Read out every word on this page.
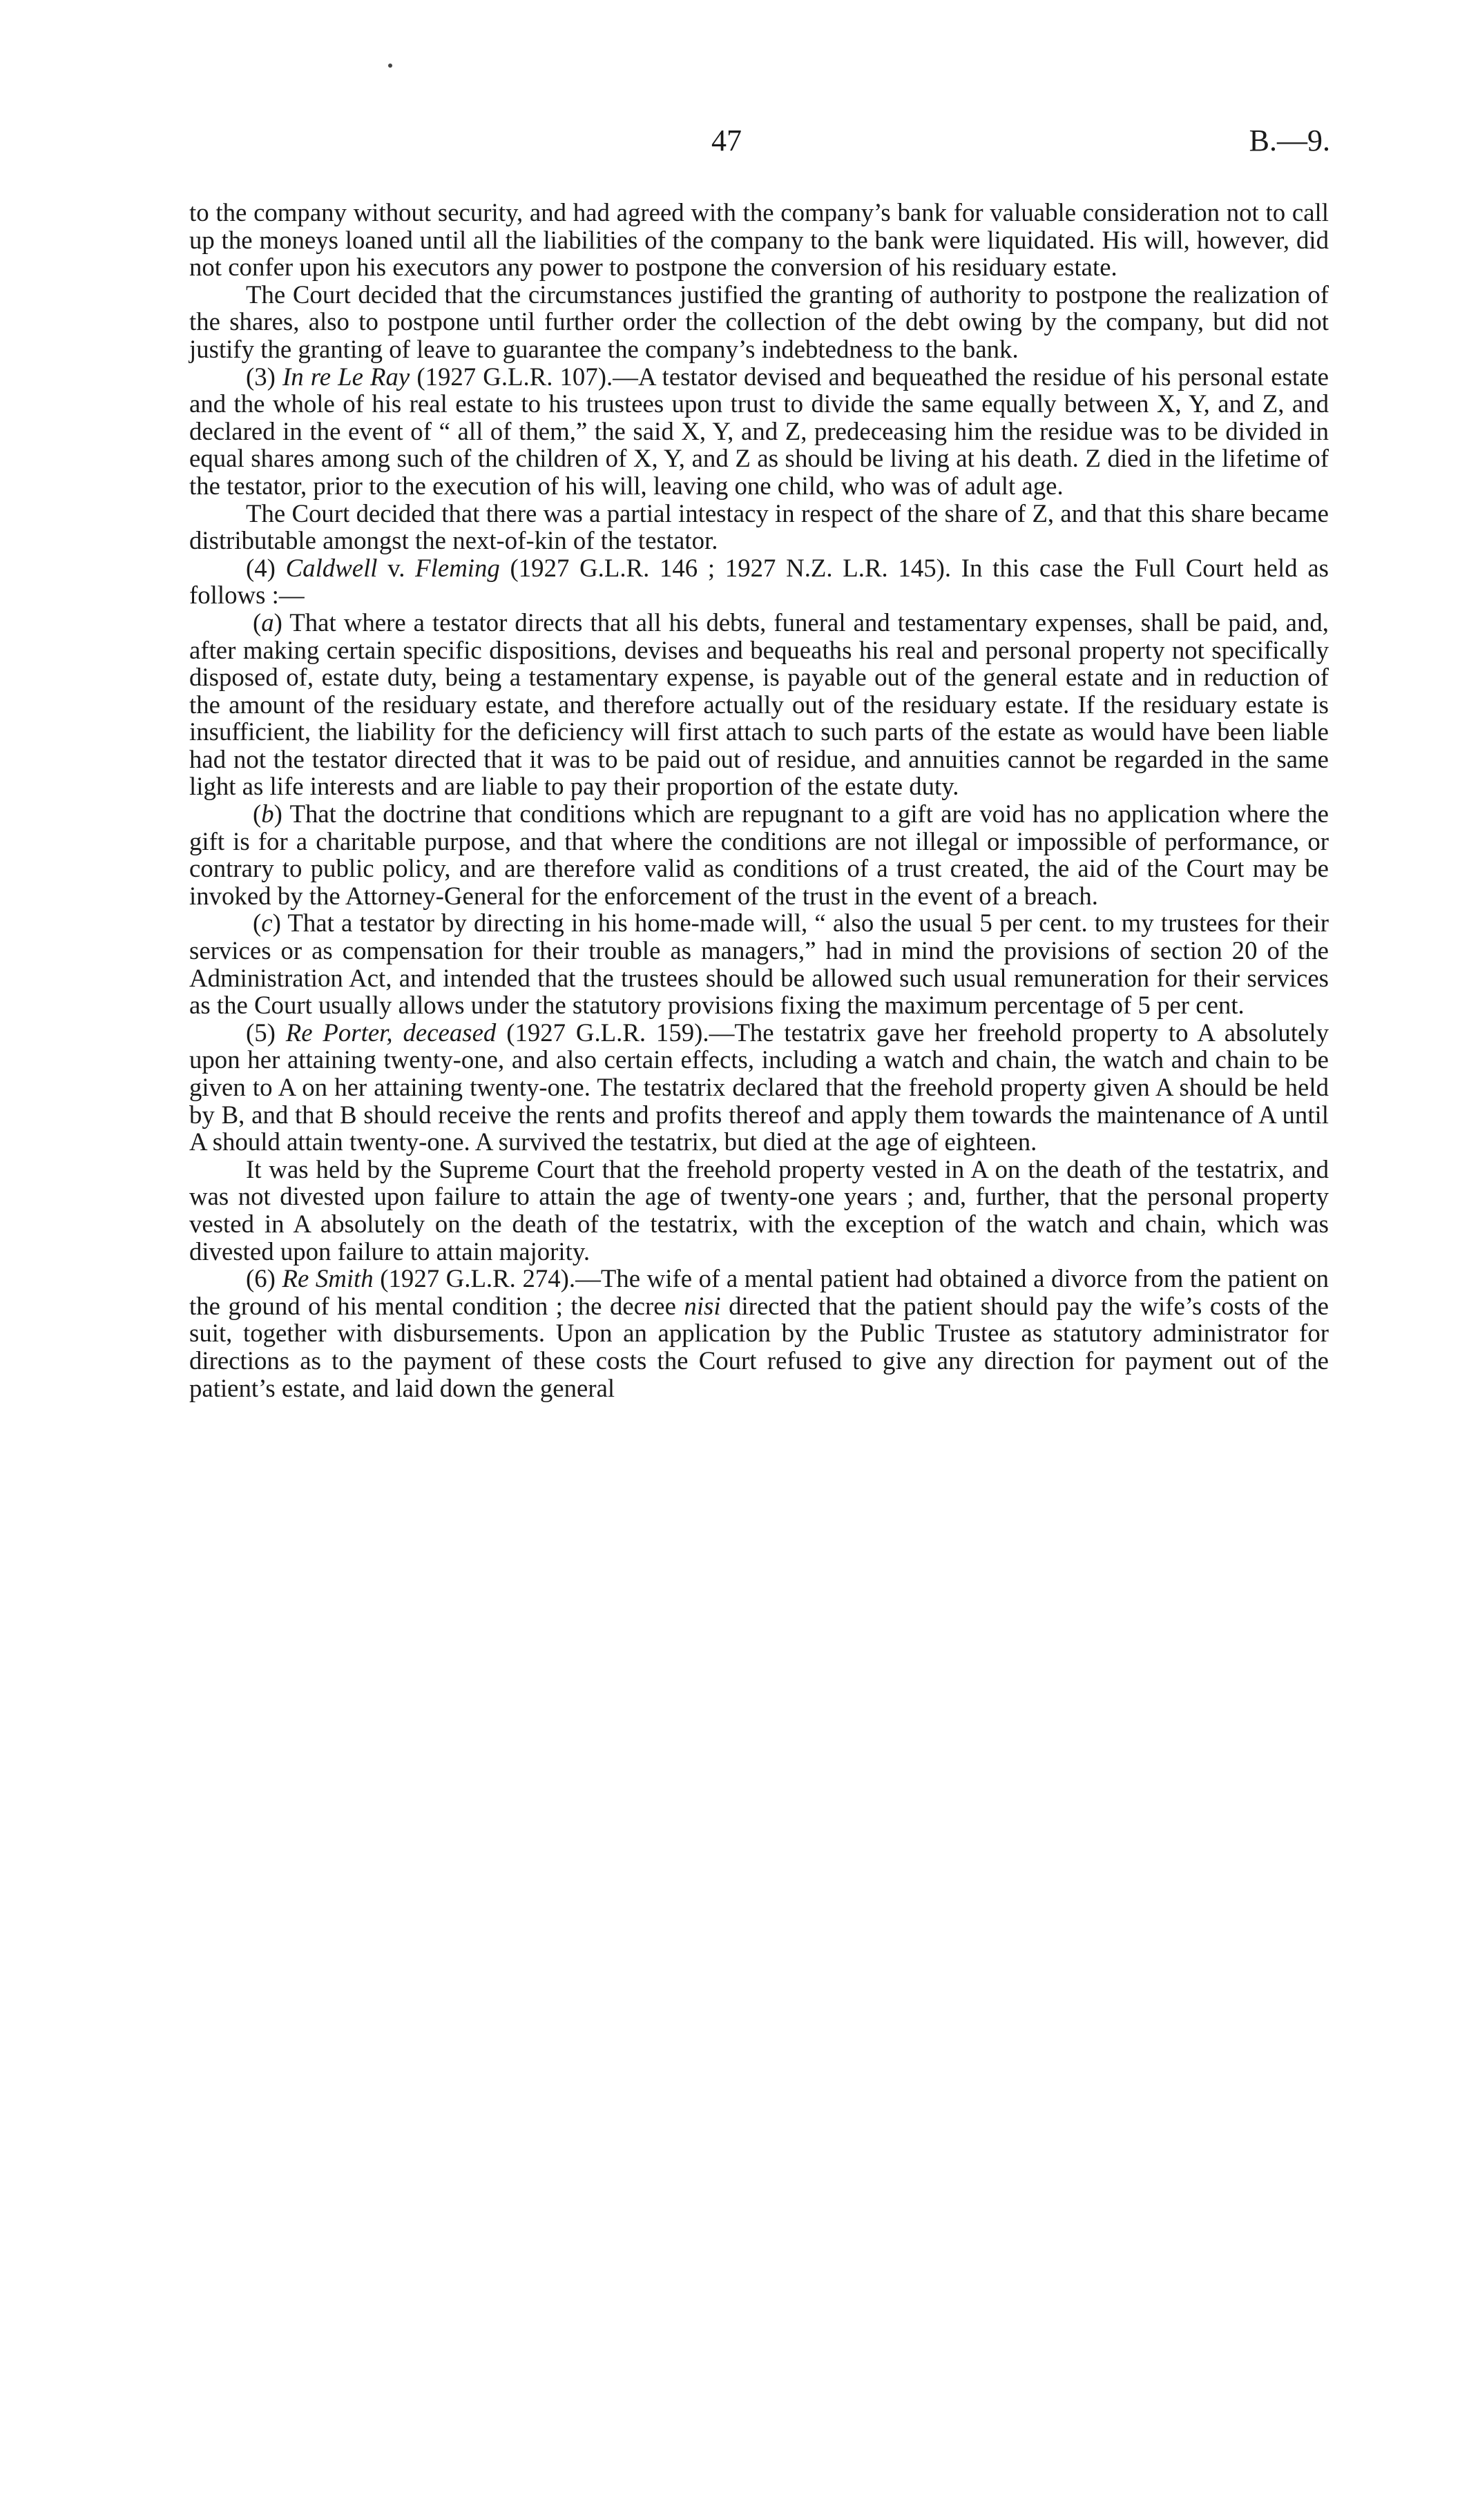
47	B.—9.

to the company without security, and had agreed with the company’s bank for valuable consideration not to call up the moneys loaned until all the liabilities of the company to the bank were liquidated. His will, however, did not confer upon his executors any power to postpone the conversion of his residuary estate.

The Court decided that the circumstances justified the granting of authority to postpone the realization of the shares, also to postpone until further order the collection of the debt owing by the company, but did not justify the granting of leave to guarantee the company’s indebtedness to the bank.

(3) In re Le Ray (1927 G.L.R. 107).—A testator devised and bequeathed the residue of his personal estate and the whole of his real estate to his trustees upon trust to divide the same equally between X, Y, and Z, and declared in the event of “ all of them,” the said X, Y, and Z, predeceasing him the residue was to be divided in equal shares among such of the children of X, Y, and Z as should be living at his death. Z died in the lifetime of the testator, prior to the execution of his will, leaving one child, who was of adult age.

The Court decided that there was a partial intestacy in respect of the share of Z, and that this share became distributable amongst the next-of-kin of the testator.

(4) Caldwell v. Fleming (1927 G.L.R. 146 ; 1927 N.Z. L.R. 145). In this case the Full Court held as follows :—

(a) That where a testator directs that all his debts, funeral and testamentary expenses, shall be paid, and, after making certain specific dispositions, devises and bequeaths his real and personal property not specifically disposed of, estate duty, being a testamentary expense, is payable out of the general estate and in reduction of the amount of the residuary estate, and therefore actually out of the residuary estate. If the residuary estate is insufficient, the liability for the deficiency will first attach to such parts of the estate as would have been liable had not the testator directed that it was to be paid out of residue, and annuities cannot be regarded in the same light as life interests and are liable to pay their proportion of the estate duty.

(b) That the doctrine that conditions which are repugnant to a gift are void has no application where the gift is for a charitable purpose, and that where the conditions are not illegal or impossible of performance, or contrary to public policy, and are therefore valid as conditions of a trust created, the aid of the Court may be invoked by the Attorney-General for the enforcement of the trust in the event of a breach.

(c) That a testator by directing in his home-made will, “ also the usual 5 per cent. to my trustees for their services or as compensation for their trouble as managers,” had in mind the provisions of section 20 of the Administration Act, and intended that the trustees should be allowed such usual remuneration for their services as the Court usually allows under the statutory provisions fixing the maximum percentage of 5 per cent.

(5) Re Porter, deceased (1927 G.L.R. 159).—The testatrix gave her freehold property to A absolutely upon her attaining twenty-one, and also certain effects, including a watch and chain, the watch and chain to be given to A on her attaining twenty-one. The testatrix declared that the freehold property given A should be held by B, and that B should receive the rents and profits thereof and apply them towards the maintenance of A until A should attain twenty-one. A survived the testatrix, but died at the age of eighteen.

It was held by the Supreme Court that the freehold property vested in A on the death of the testatrix, and was not divested upon failure to attain the age of twenty-one years ; and, further, that the personal property vested in A absolutely on the death of the testatrix, with the exception of the watch and chain, which was divested upon failure to attain majority.

(6) Re Smith (1927 G.L.R. 274).—The wife of a mental patient had obtained a divorce from the patient on the ground of his mental condition ; the decree nisi directed that the patient should pay the wife’s costs of the suit, together with disbursements. Upon an application by the Public Trustee as statutory administrator for directions as to the payment of these costs the Court refused to give any direction for payment out of the patient’s estate, and laid down the general
